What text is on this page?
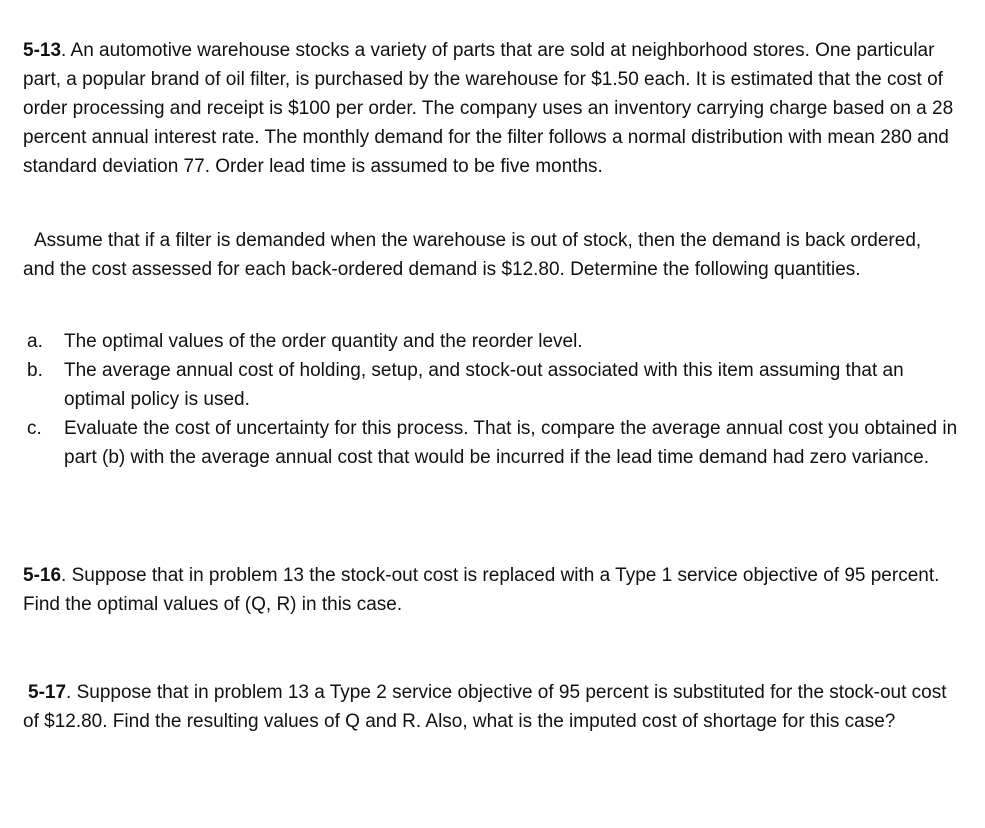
5-13. An automotive warehouse stocks a variety of parts that are sold at neighborhood stores. One particular part, a popular brand of oil filter, is purchased by the warehouse for $1.50 each. It is estimated that the cost of order processing and receipt is $100 per order. The company uses an inventory carrying charge based on a 28 percent annual interest rate. The monthly demand for the filter follows a normal distribution with mean 280 and standard deviation 77. Order lead time is assumed to be five months.

Assume that if a filter is demanded when the warehouse is out of stock, then the demand is back ordered, and the cost assessed for each back-ordered demand is $12.80. Determine the following quantities.

a. The optimal values of the order quantity and the reorder level.
b. The average annual cost of holding, setup, and stock-out associated with this item assuming that an optimal policy is used.
c. Evaluate the cost of uncertainty for this process. That is, compare the average annual cost you obtained in part (b) with the average annual cost that would be incurred if the lead time demand had zero variance.

5-16. Suppose that in problem 13 the stock-out cost is replaced with a Type 1 service objective of 95 percent. Find the optimal values of (Q, R) in this case.

5-17. Suppose that in problem 13 a Type 2 service objective of 95 percent is substituted for the stock-out cost of $12.80. Find the resulting values of Q and R. Also, what is the imputed cost of shortage for this case?
